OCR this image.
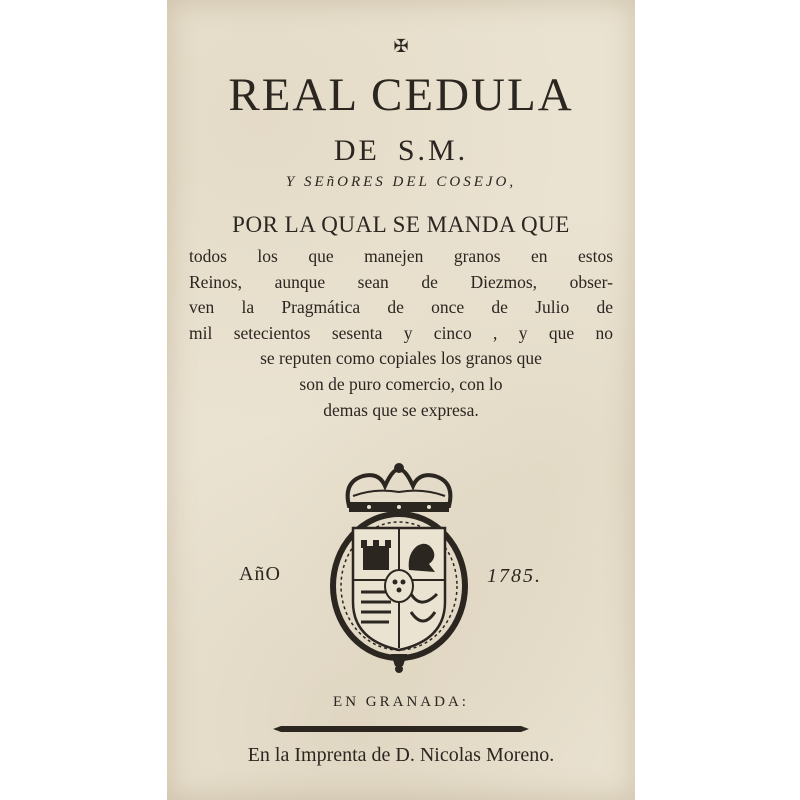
✠
REAL CEDULA
DE S.M.
Y SEñORES DEL COSEJO,
POR LA QUAL SE MANDA QUE
todos los que manejen granos en estos
Reinos, aunque sean de Diezmos, obser-
ven la Pragmática de once de Julio de
mil setecientos sesenta y cinco , y que no
se reputen como copiales los granos que
son de puro comercio, con lo
demas que se expresa.
AñO	1785.
EN GRANADA:
En la Imprenta de D. Nicolas Moreno.
